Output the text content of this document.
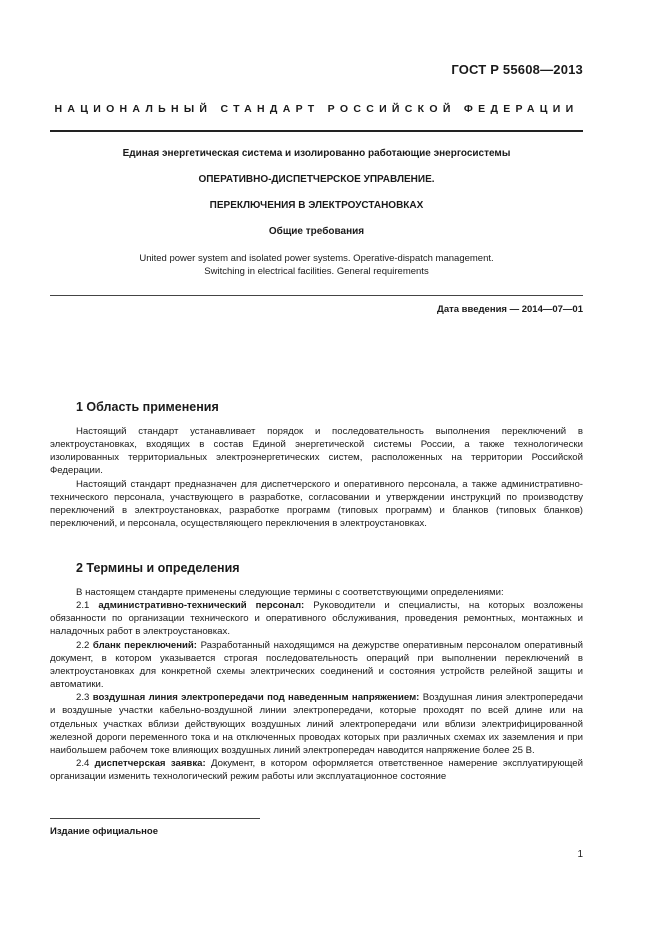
ГОСТ Р 55608—2013
НАЦИОНАЛЬНЫЙ СТАНДАРТ РОССИЙСКОЙ ФЕДЕРАЦИИ
Единая энергетическая система и изолированно работающие энергосистемы
ОПЕРАТИВНО-ДИСПЕТЧЕРСКОЕ УПРАВЛЕНИЕ.
ПЕРЕКЛЮЧЕНИЯ В ЭЛЕКТРОУСТАНОВКАХ
Общие требования
United power system and isolated power systems. Operative-dispatch management.
Switching in electrical facilities. General requirements
Дата введения — 2014—07—01
1 Область применения

Настоящий стандарт устанавливает порядок и последовательность выполнения переключений в электроустановках, входящих в состав Единой энергетической системы России, а также технологически изолированных территориальных электроэнергетических систем, расположенных на территории Российской Федерации.

Настоящий стандарт предназначен для диспетчерского и оперативного персонала, а также административно-технического персонала, участвующего в разработке, согласовании и утверждении инструкций по производству переключений в электроустановках, разработке программ (типовых программ) и бланков (типовых бланков) переключений, и персонала, осуществляющего переключения в электроустановках.

2 Термины и определения

В настоящем стандарте применены следующие термины с соответствующими определениями:

2.1 административно-технический персонал: Руководители и специалисты, на которых возложены обязанности по организации технического и оперативного обслуживания, проведения ремонтных, монтажных и наладочных работ в электроустановках.

2.2 бланк переключений: Разработанный находящимся на дежурстве оперативным персоналом оперативный документ, в котором указывается строгая последовательность операций при выполнении переключений в электроустановках для конкретной схемы электрических соединений и состояния устройств релейной защиты и автоматики.

2.3 воздушная линия электропередачи под наведенным напряжением: Воздушная линия электропередачи и воздушные участки кабельно-воздушной линии электропередачи, которые проходят по всей длине или на отдельных участках вблизи действующих воздушных линий электропередачи или вблизи электрифицированной железной дороги переменного тока и на отключенных проводах которых при различных схемах их заземления и при наибольшем рабочем токе влияющих воздушных линий электропередач наводится напряжение более 25 В.

2.4 диспетчерская заявка: Документ, в котором оформляется ответственное намерение эксплуатирующей организации изменить технологический режим работы или эксплуатационное состояние

Издание официальное
1
